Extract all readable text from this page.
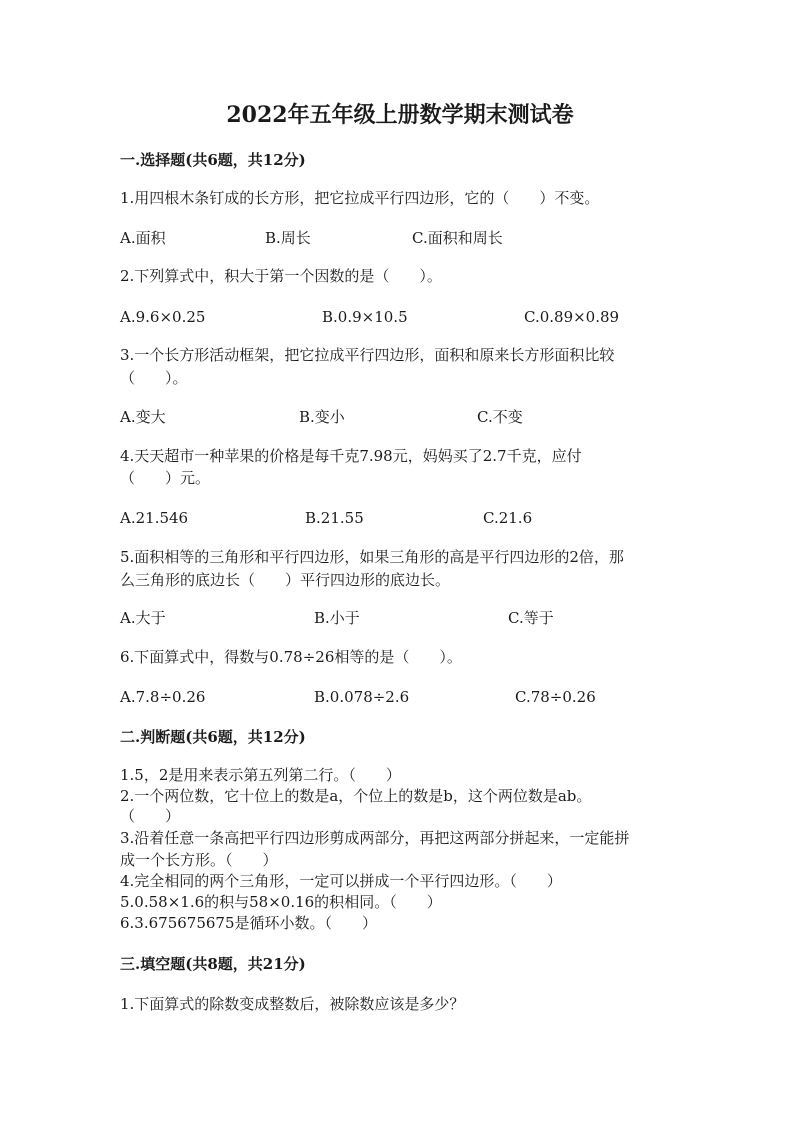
2022年五年级上册数学期末测试卷
一.选择题(共6题，共12分)
1.用四根木条钉成的长方形，把它拉成平行四边形，它的（　　）不变。
A.面积	B.周长	C.面积和周长
2.下列算式中，积大于第一个因数的是（　　）。
A.9.6×0.25	B.0.9×10.5	C.0.89×0.89
3.一个长方形活动框架，把它拉成平行四边形，面积和原来长方形面积比较
（　　）。
A.变大	B.变小	C.不变
4.天天超市一种苹果的价格是每千克7.98元，妈妈买了2.7千克，应付
（　　）元。
A.21.546	B.21.55	C.21.6
5.面积相等的三角形和平行四边形，如果三角形的高是平行四边形的2倍，那
么三角形的底边长（　　）平行四边形的底边长。
A.大于	B.小于	C.等于
6.下面算式中，得数与0.78÷26相等的是（　　）。
A.7.8÷0.26	B.0.078÷2.6	C.78÷0.26
二.判断题(共6题，共12分)
1.5，2是用来表示第五列第二行。（　　）
2.一个两位数，它十位上的数是a，个位上的数是b，这个两位数是ab。
（　　）
3.沿着任意一条高把平行四边形剪成两部分，再把这两部分拼起来，一定能拼
成一个长方形。（　　）
4.完全相同的两个三角形，一定可以拼成一个平行四边形。（　　）
5.0.58×1.6的积与58×0.16的积相同。（　　）
6.3.675675675是循环小数。（　　）
三.填空题(共8题，共21分)
1.下面算式的除数变成整数后，被除数应该是多少？
